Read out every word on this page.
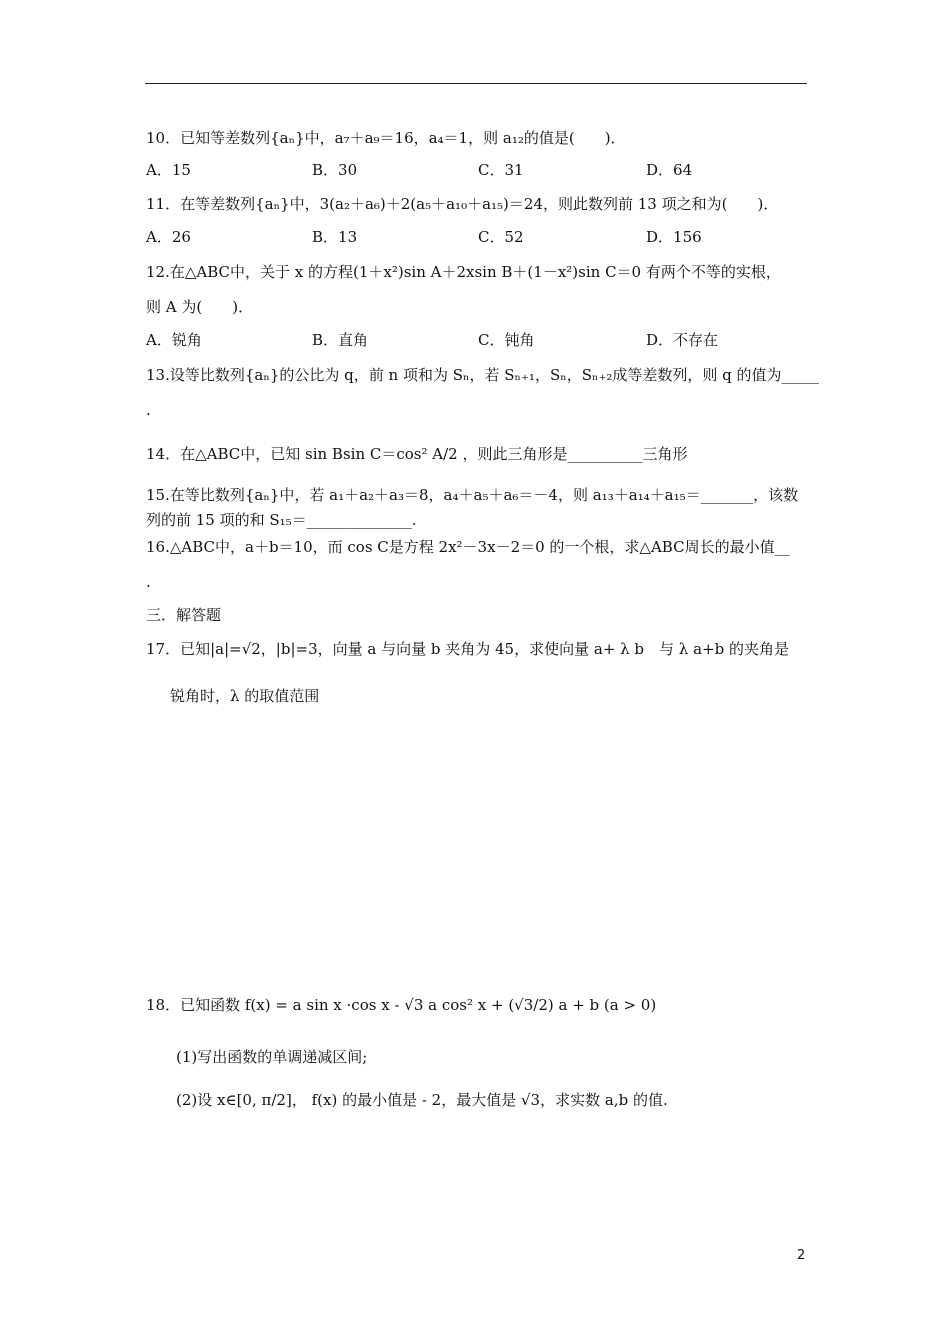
10．已知等差数列{aₙ}中，a₇＋a₉＝16，a₄＝1，则 a₁₂的值是(　　)．
A．15	B．30	C．31	D．64
11．在等差数列{aₙ}中，3(a₂＋a₆)＋2(a₅＋a₁₀＋a₁₅)＝24，则此数列前 13 项之和为(　　)．
A．26	B．13	C．52	D．156
12.在△ABC中，关于 x 的方程(1＋x²)sin A＋2xsin B＋(1－x²)sin C＝0 有两个不等的实根，
则 A 为(　　)．
A．锐角	B．直角	C．钝角	D．不存在
13.设等比数列{aₙ}的公比为 q，前 n 项和为 Sₙ，若 Sₙ₊₁，Sₙ，Sₙ₊₂成等差数列，则 q 的值为_____
.
14．在△ABC中，已知 sin Bsin C＝cos² A/2 ，则此三角形是__________三角形
15.在等比数列{aₙ}中，若 a₁＋a₂＋a₃＝8，a₄＋a₅＋a₆＝－4，则 a₁₃＋a₁₄＋a₁₅＝_______，该数
列的前 15 项的和 S₁₅＝______________.
16.△ABC中，a＋b＝10，而 cos C是方程 2x²－3x－2＝0 的一个根，求△ABC周长的最小值__
.
三．解答题
17．已知|a|=√2，|b|=3，向量 a 与向量 b 夹角为 45，求使向量 a+ λ b　与 λ a+b 的夹角是
锐角时，λ 的取值范围
18．已知函数 f(x) = a sin x ·cos x - √3 a cos² x + (√3/2) a + b (a > 0)
(1)写出函数的单调递减区间;
(2)设 x∈[0, π/2]， f(x) 的最小值是 - 2，最大值是 √3，求实数 a,b 的值.
2
